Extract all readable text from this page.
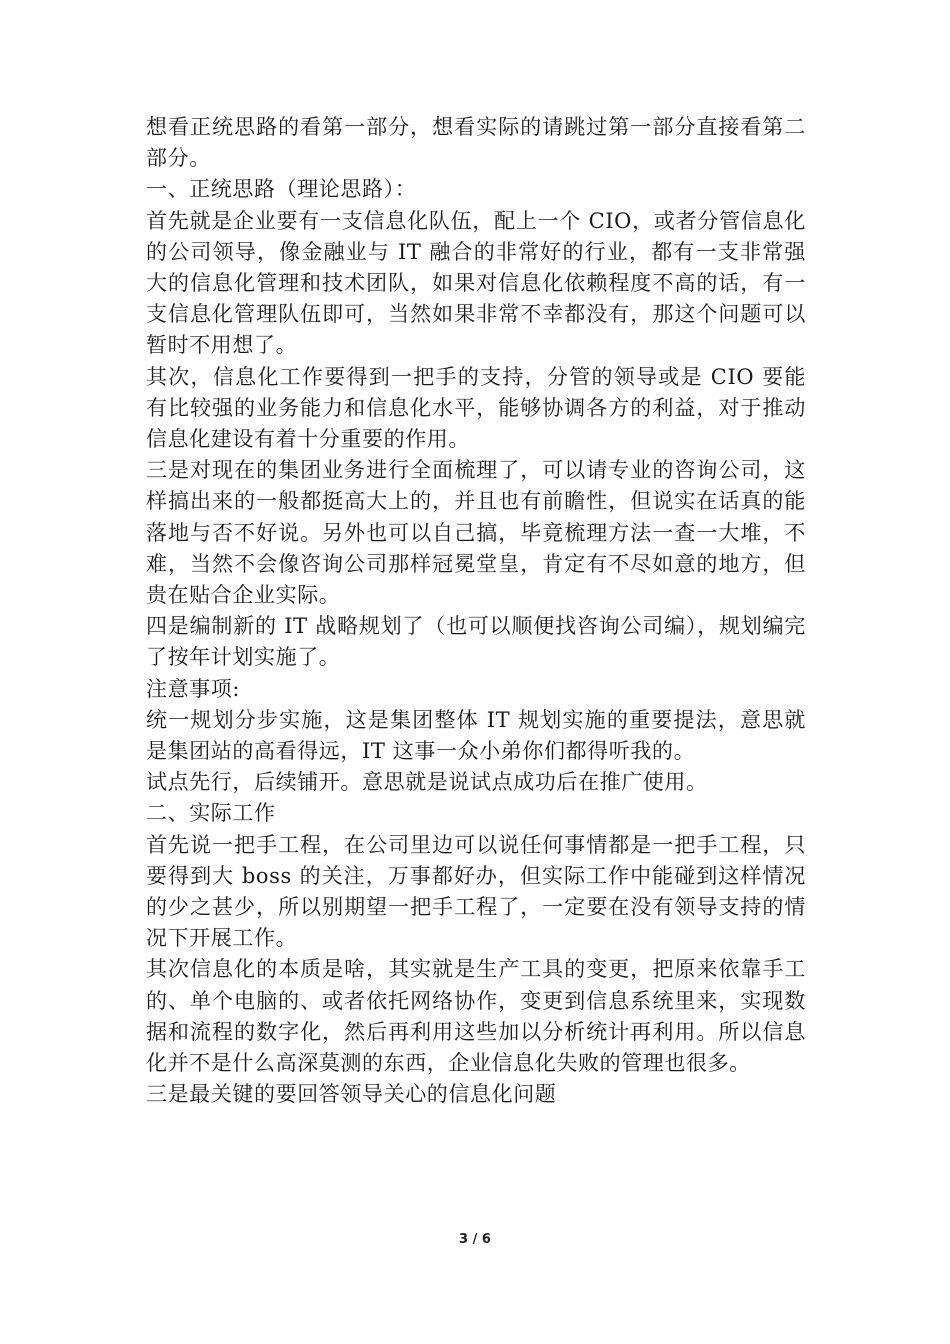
想看正统思路的看第一部分，想看实际的请跳过第一部分直接看第二部分。

一、正统思路（理论思路）：

首先就是企业要有一支信息化队伍，配上一个 CIO，或者分管信息化的公司领导，像金融业与 IT 融合的非常好的行业，都有一支非常强大的信息化管理和技术团队，如果对信息化依赖程度不高的话，有一支信息化管理队伍即可，当然如果非常不幸都没有，那这个问题可以暂时不用想了。

其次，信息化工作要得到一把手的支持，分管的领导或是 CIO 要能有比较强的业务能力和信息化水平，能够协调各方的利益，对于推动信息化建设有着十分重要的作用。

三是对现在的集团业务进行全面梳理了，可以请专业的咨询公司，这样搞出来的一般都挺高大上的，并且也有前瞻性，但说实在话真的能落地与否不好说。另外也可以自己搞，毕竟梳理方法一查一大堆，不难，当然不会像咨询公司那样冠冕堂皇，肯定有不尽如意的地方，但贵在贴合企业实际。

四是编制新的 IT 战略规划了（也可以顺便找咨询公司编），规划编完了按年计划实施了。

注意事项:

统一规划分步实施，这是集团整体 IT 规划实施的重要提法，意思就是集团站的高看得远，IT 这事一众小弟你们都得听我的。

试点先行，后续铺开。意思就是说试点成功后在推广使用。

二、实际工作

首先说一把手工程，在公司里边可以说任何事情都是一把手工程，只要得到大 boss 的关注，万事都好办，但实际工作中能碰到这样情况的少之甚少，所以别期望一把手工程了，一定要在没有领导支持的情况下开展工作。

其次信息化的本质是啥，其实就是生产工具的变更，把原来依靠手工的、单个电脑的、或者依托网络协作，变更到信息系统里来，实现数据和流程的数字化，然后再利用这些加以分析统计再利用。所以信息化并不是什么高深莫测的东西，企业信息化失败的管理也很多。

三是最关键的要回答领导关心的信息化问题

3 / 6
